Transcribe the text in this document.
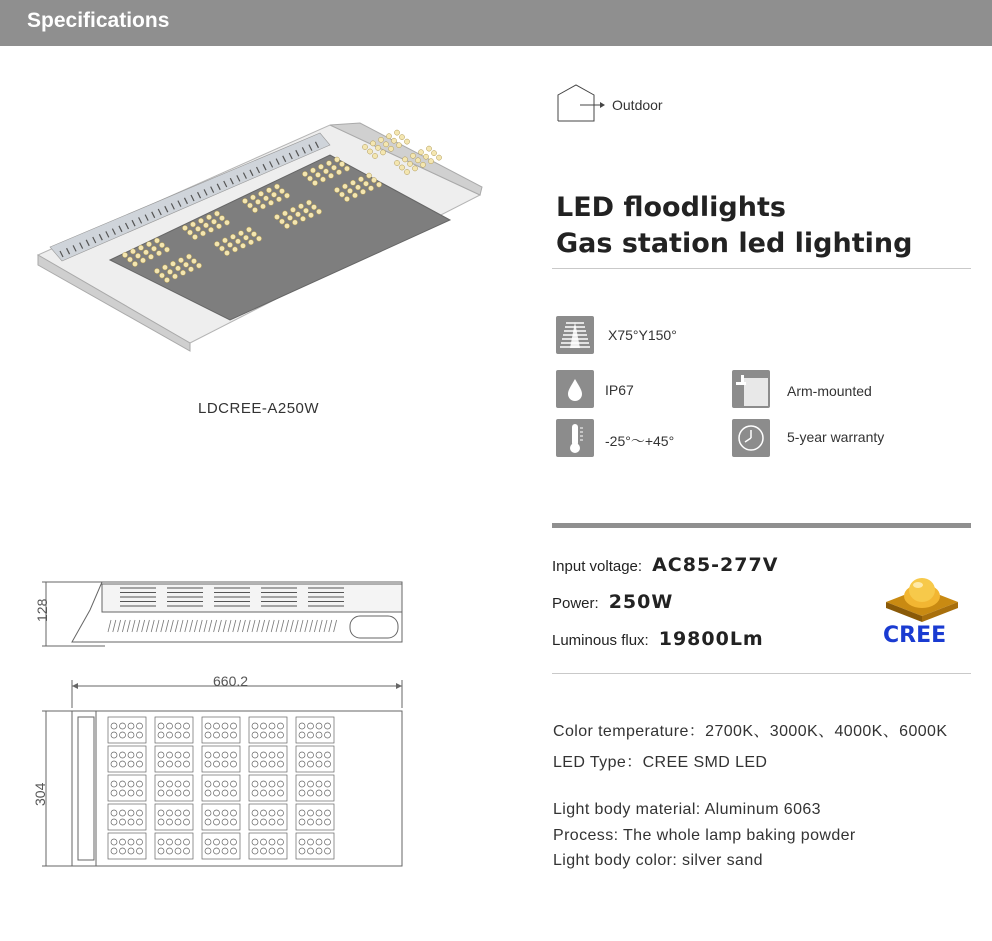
Specifications
LDCREE-A250W
Outdoor
LED floodlights
Gas station led lighting
X75°Y150°
IP67	Arm-mounted
-25°～+45°	5-year warranty
Input voltage: AC85-277V
Power: 250W
Luminous flux: 19800Lm	CREE
Color temperature：2700K、3000K、4000K、6000K
LED Type：CREE SMD LED
Light body material: Aluminum 6063
Process: The whole lamp baking powder
Light body color: silver sand
128
660.2
304
